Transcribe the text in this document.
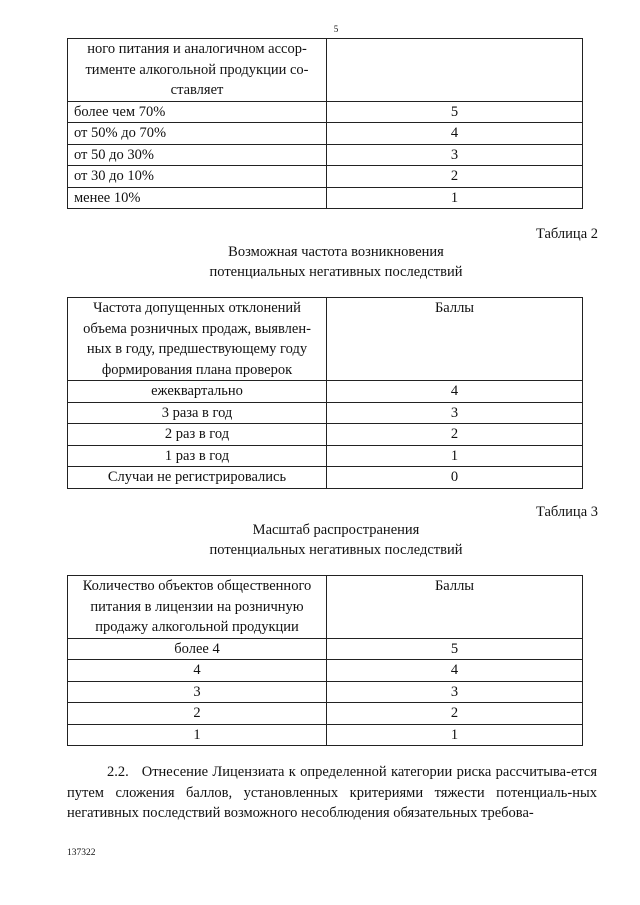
5
ного питания и аналогичном ассор-
тименте алкогольной продукции со-
ставляет	

более чем 70%	5
от 50% до 70%	4
от 50 до 30%	3
от 30 до 10%	2
менее 10%	1
Таблица 2
Возможная частота возникновения
потенциальных негативных последствий
Частота допущенных отклонений
объема розничных продаж, выявлен-
ных в году, предшествующему году
формирования плана проверок	Баллы
ежеквартально	4
3 раза в год	3
2 раз в год	2
1 раз в год	1
Случаи не регистрировались	0
Таблица 3
Масштаб распространения
потенциальных негативных последствий
Количество объектов общественного
питания в лицензии на розничную
продажу алкогольной продукции	Баллы
более 4	5
4	4
3	3
2	2
1	1
2.2. Отнесение Лицензиата к определенной категории риска рассчитыва-ется путем сложения баллов, установленных критериями тяжести потенциаль-ных негативных последствий возможного несоблюдения обязательных требова-
137322
